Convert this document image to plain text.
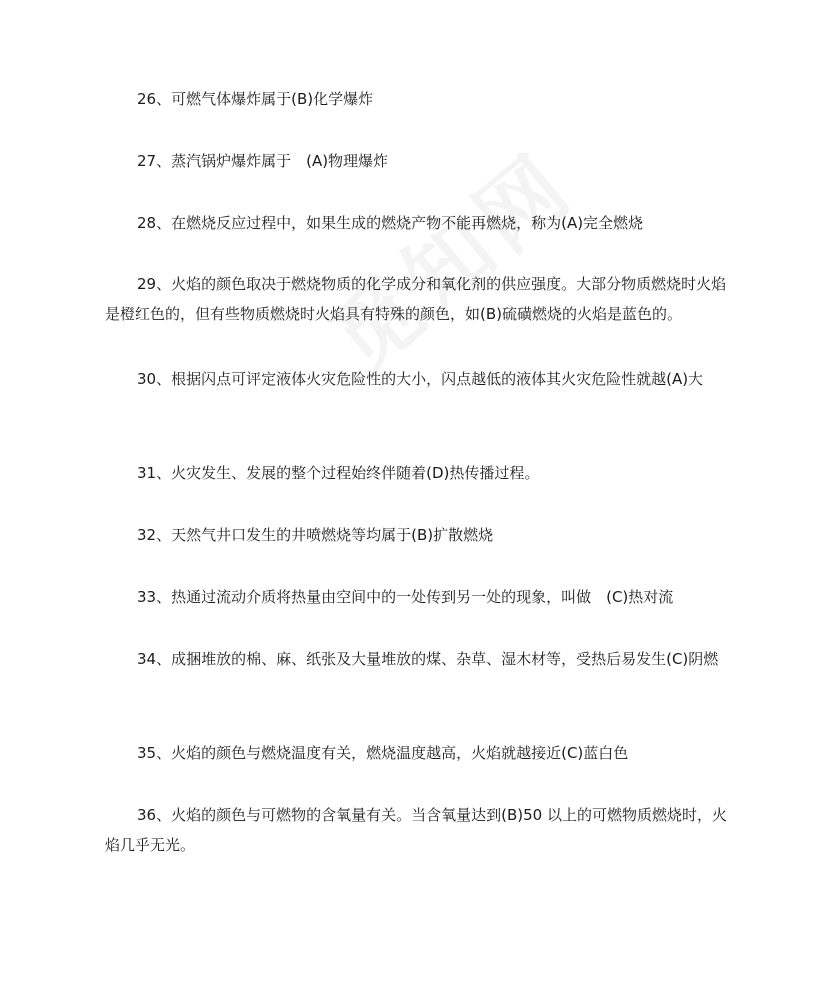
26、可燃气体爆炸属于(B)化学爆炸

27、蒸汽锅炉爆炸属于　(A)物理爆炸

28、在燃烧反应过程中，如果生成的燃烧产物不能再燃烧，称为(A)完全燃烧

29、火焰的颜色取决于燃烧物质的化学成分和氧化剂的供应强度。大部分物质燃烧时火焰是橙红色的，但有些物质燃烧时火焰具有特殊的颜色，如(B)硫磺燃烧的火焰是蓝色的。

30、根据闪点可评定液体火灾危险性的大小，闪点越低的液体其火灾危险性就越(A)大

31、火灾发生、发展的整个过程始终伴随着(D)热传播过程。

32、天然气井口发生的井喷燃烧等均属于(B)扩散燃烧

33、热通过流动介质将热量由空间中的一处传到另一处的现象，叫做　(C)热对流

34、成捆堆放的棉、麻、纸张及大量堆放的煤、杂草、湿木材等，受热后易发生(C)阴燃

35、火焰的颜色与燃烧温度有关，燃烧温度越高，火焰就越接近(C)蓝白色

36、火焰的颜色与可燃物的含氧量有关。当含氧量达到(B)50 以上的可燃物质燃烧时，火焰几乎无光。
